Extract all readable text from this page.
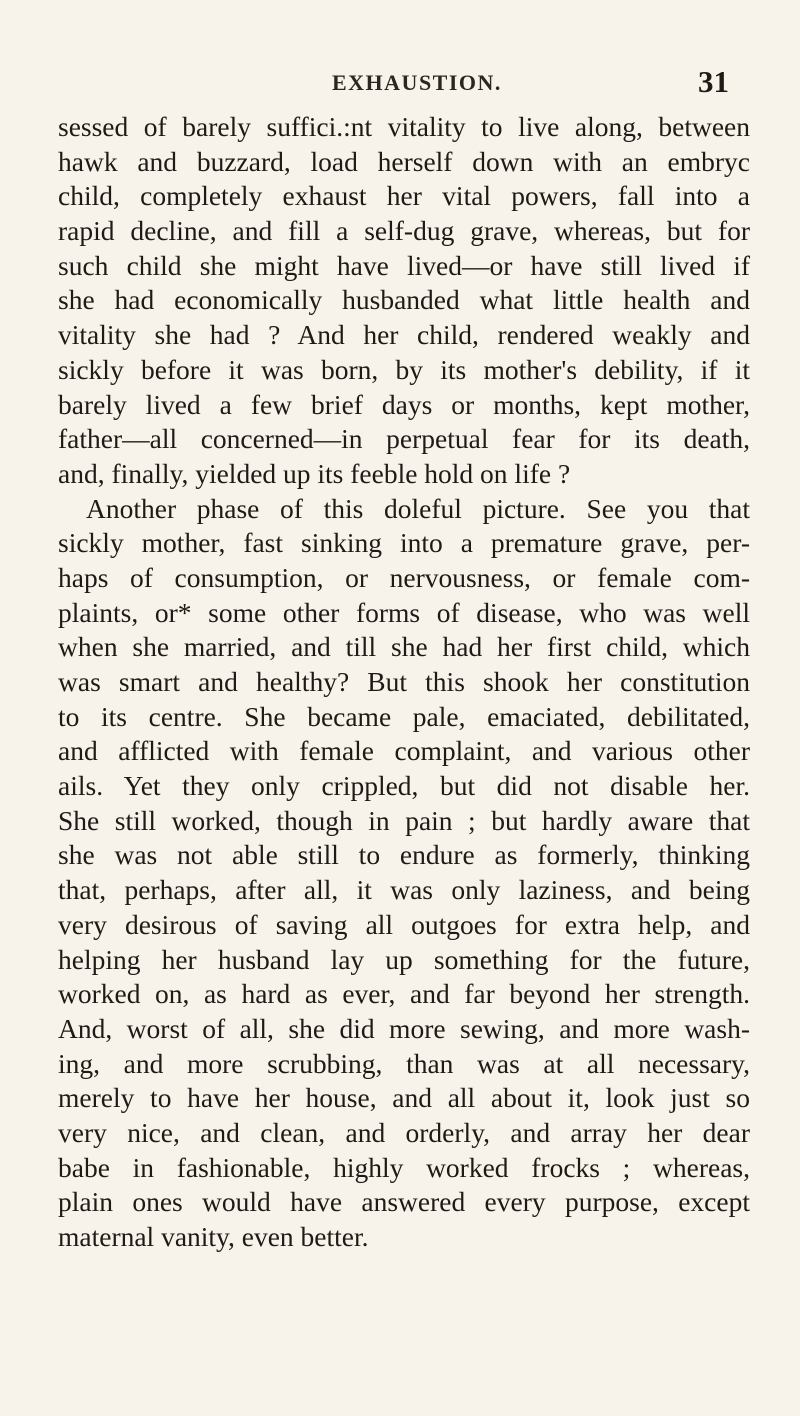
EXHAUSTION.	31
sessed of barely suffici.:nt vitality to live along, between
hawk and buzzard, load herself down with an embryc
child, completely exhaust her vital powers, fall into a
rapid decline, and fill a self-dug grave, whereas, but for
such child she might have lived—or have still lived if
she had economically husbanded what little health and
vitality she had ? And her child, rendered weakly and
sickly before it was born, by its mother's debility, if it
barely lived a few brief days or months, kept mother,
father—all concerned—in perpetual fear for its death,
and, finally, yielded up its feeble hold on life ?
Another phase of this doleful picture. See you that
sickly mother, fast sinking into a premature grave, per-
haps of consumption, or nervousness, or female com-
plaints, or* some other forms of disease, who was well
when she married, and till she had her first child, which
was smart and healthy? But this shook her constitution
to its centre. She became pale, emaciated, debilitated,
and afflicted with female complaint, and various other
ails. Yet they only crippled, but did not disable her.
She still worked, though in pain ; but hardly aware that
she was not able still to endure as formerly, thinking
that, perhaps, after all, it was only laziness, and being
very desirous of saving all outgoes for extra help, and
helping her husband lay up something for the future,
worked on, as hard as ever, and far beyond her strength.
And, worst of all, she did more sewing, and more wash-
ing, and more scrubbing, than was at all necessary,
merely to have her house, and all about it, look just so
very nice, and clean, and orderly, and array her dear
babe in fashionable, highly worked frocks ; whereas,
plain ones would have answered every purpose, except
maternal vanity, even better.
